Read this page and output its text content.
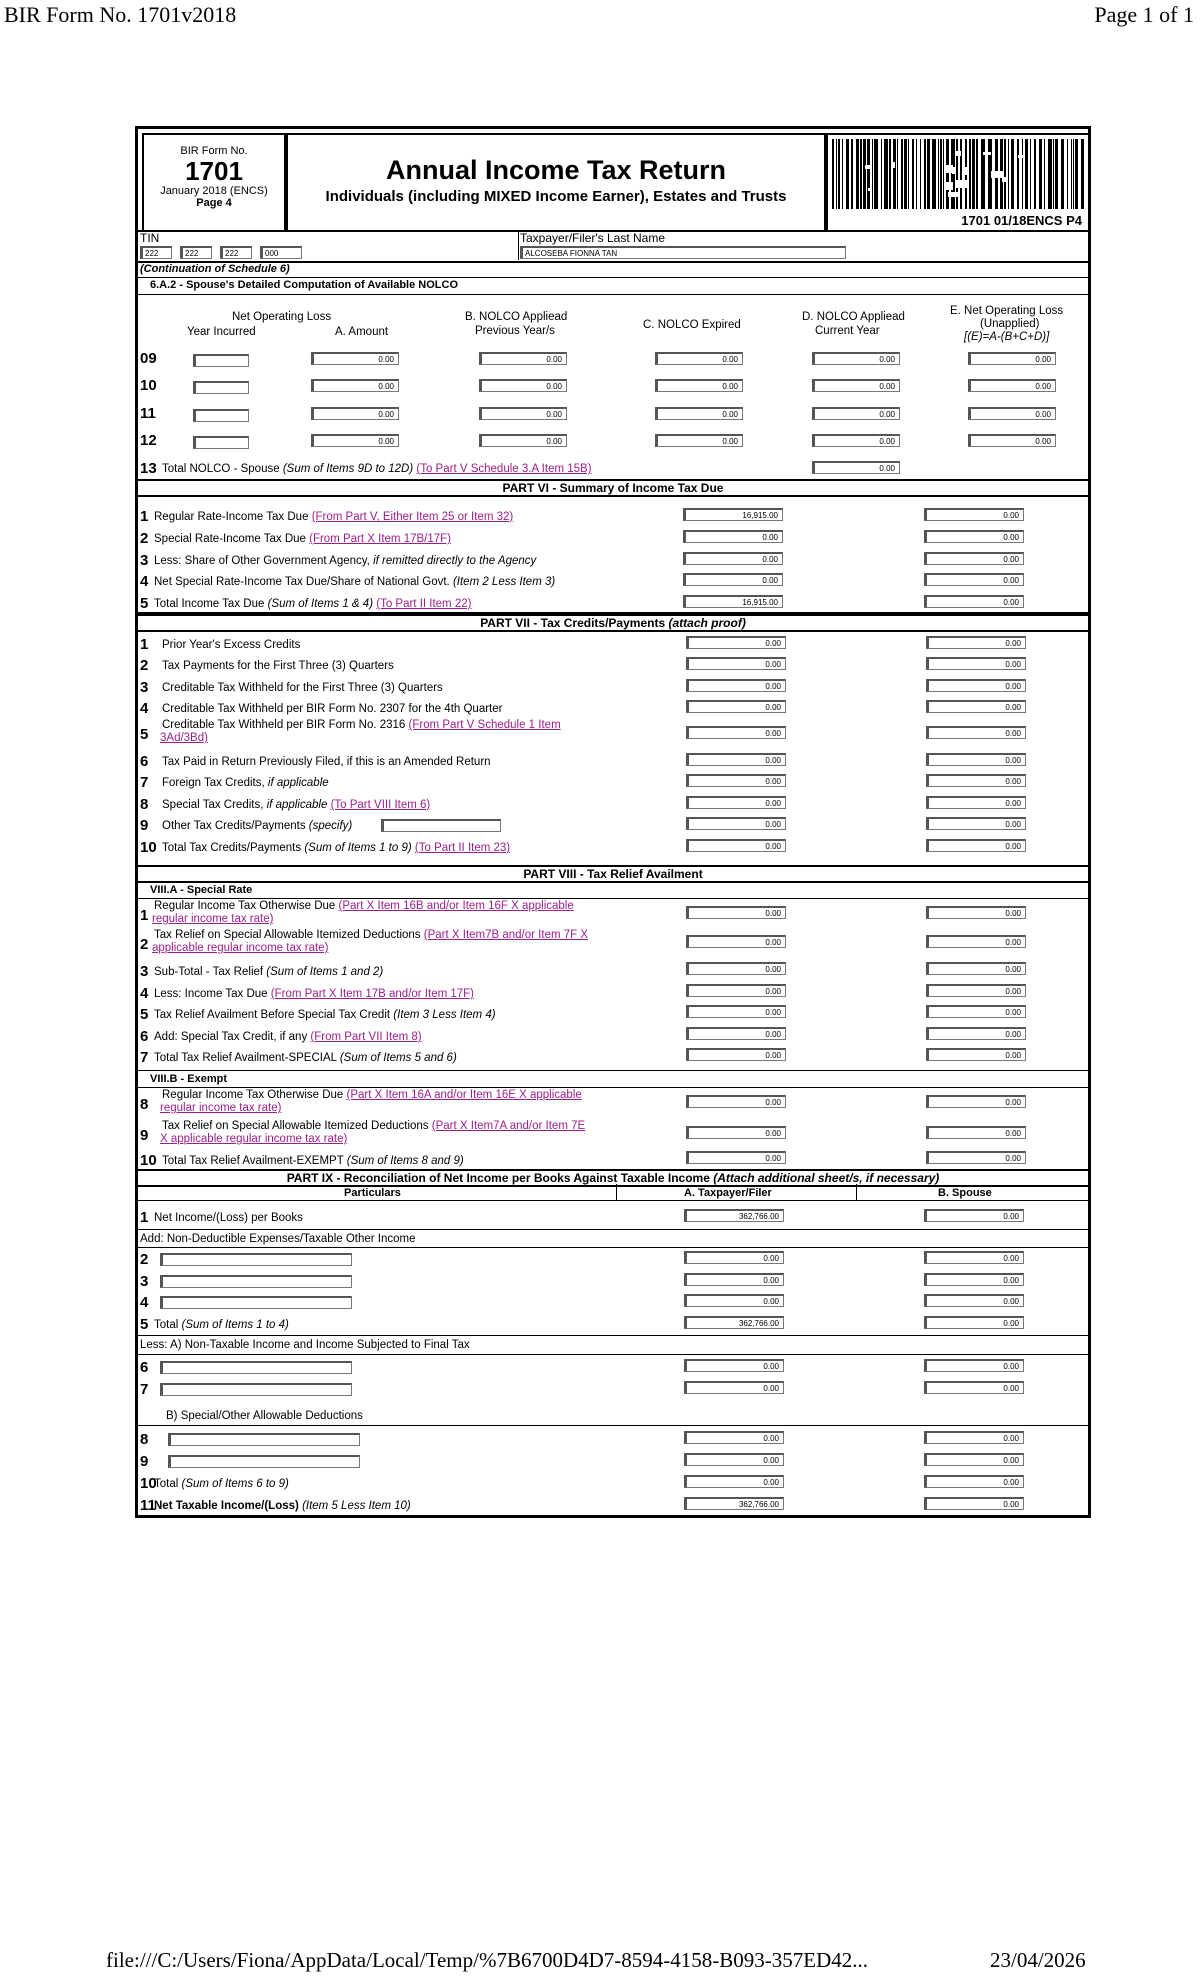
BIR Form No. 1701v2018	Page 1 of 1
BIR Form No.
1701
January 2018 (ENCS)
Page 4
Annual Income Tax Return
Individuals (including MIXED Income Earner), Estates and Trusts
1701 01/18ENCS P4
TIN	Taxpayer/Filer's Last Name
222	222	222	000	ALCOSEBA FIONNA TAN
(Continuation of Schedule 6)
6.A.2 - Spouse's Detailed Computation of Available NOLCO
Net Operating Loss
Year Incurred	A. Amount
B. NOLCO Appliead
Previous Year/s	C. NOLCO Expired
D. NOLCO Appliead
Current Year
E. Net Operating Loss
(Unapplied)
[(E)=A-(B+C+D)]
09	0.00	0.00	0.00	0.00	0.00
10	0.00	0.00	0.00	0.00	0.00
11	0.00	0.00	0.00	0.00	0.00
12	0.00	0.00	0.00	0.00	0.00
13 Total NOLCO - Spouse (Sum of Items 9D to 12D) (To Part V Schedule 3.A Item 15B)	0.00
PART VI - Summary of Income Tax Due
1 Regular Rate-Income Tax Due (From Part V, Either Item 25 or Item 32)	16,915.00	0.00
2 Special Rate-Income Tax Due (From Part X Item 17B/17F)	0.00	0.00
3 Less: Share of Other Government Agency, if remitted directly to the Agency	0.00	0.00
4 Net Special Rate-Income Tax Due/Share of National Govt. (Item 2 Less Item 3)	0.00	0.00
5 Total Income Tax Due (Sum of Items 1 & 4) (To Part II Item 22)	16,915.00	0.00
PART VII - Tax Credits/Payments (attach proof)
1 Prior Year's Excess Credits	0.00	0.00
2 Tax Payments for the First Three (3) Quarters	0.00	0.00
3 Creditable Tax Withheld for the First Three (3) Quarters	0.00	0.00
4 Creditable Tax Withheld per BIR Form No. 2307 for the 4th Quarter	0.00	0.00
5
Creditable Tax Withheld per BIR Form No. 2316 (From Part V Schedule 1 Item
3Ad/3Bd)	0.00	0.00
6 Tax Paid in Return Previously Filed, if this is an Amended Return	0.00	0.00
7 Foreign Tax Credits, if applicable	0.00	0.00
8 Special Tax Credits, if applicable (To Part VIII Item 6)	0.00	0.00
9 Other Tax Credits/Payments (specify)	0.00	0.00
10 Total Tax Credits/Payments (Sum of Items 1 to 9) (To Part II Item 23)	0.00	0.00
PART VIII - Tax Relief Availment
VIII.A - Special Rate
1
Regular Income Tax Otherwise Due (Part X Item 16B and/or Item 16F X applicable
regular income tax rate)	0.00	0.00
2
Tax Relief on Special Allowable Itemized Deductions (Part X Item7B and/or Item 7F X
applicable regular income tax rate)	0.00	0.00
3 Sub-Total - Tax Relief (Sum of Items 1 and 2)	0.00	0.00
4 Less: Income Tax Due (From Part X Item 17B and/or Item 17F)	0.00	0.00
5 Tax Relief Availment Before Special Tax Credit (Item 3 Less Item 4)	0.00	0.00
6 Add: Special Tax Credit, if any (From Part VII Item 8)	0.00	0.00
7 Total Tax Relief Availment-SPECIAL (Sum of Items 5 and 6)	0.00	0.00
VIII.B - Exempt
8
Regular Income Tax Otherwise Due (Part X Item 16A and/or Item 16E X applicable
regular income tax rate)	0.00	0.00
9
Tax Relief on Special Allowable Itemized Deductions (Part X Item7A and/or Item 7E
X applicable regular income tax rate)	0.00	0.00
10 Total Tax Relief Availment-EXEMPT (Sum of Items 8 and 9)	0.00	0.00
PART IX - Reconciliation of Net Income per Books Against Taxable Income (Attach additional sheet/s, if necessary)
Particulars	A. Taxpayer/Filer	B. Spouse
1 Net Income/(Loss) per Books	362,766.00	0.00
Add: Non-Deductible Expenses/Taxable Other Income
2	0.00	0.00
3	0.00	0.00
4	0.00	0.00
5 Total (Sum of Items 1 to 4)	362,766.00	0.00
Less: A) Non-Taxable Income and Income Subjected to Final Tax
6	0.00	0.00
7	0.00	0.00
B) Special/Other Allowable Deductions
8	0.00	0.00
9	0.00	0.00
10
Total (Sum of Items 6 to 9)	0.00	0.00
11
Net Taxable Income/(Loss) (Item 5 Less Item 10)	362,766.00	0.00
file:///C:/Users/Fiona/AppData/Local/Temp/%7B6700D4D7-8594-4158-B093-357ED42...	23/04/2026
